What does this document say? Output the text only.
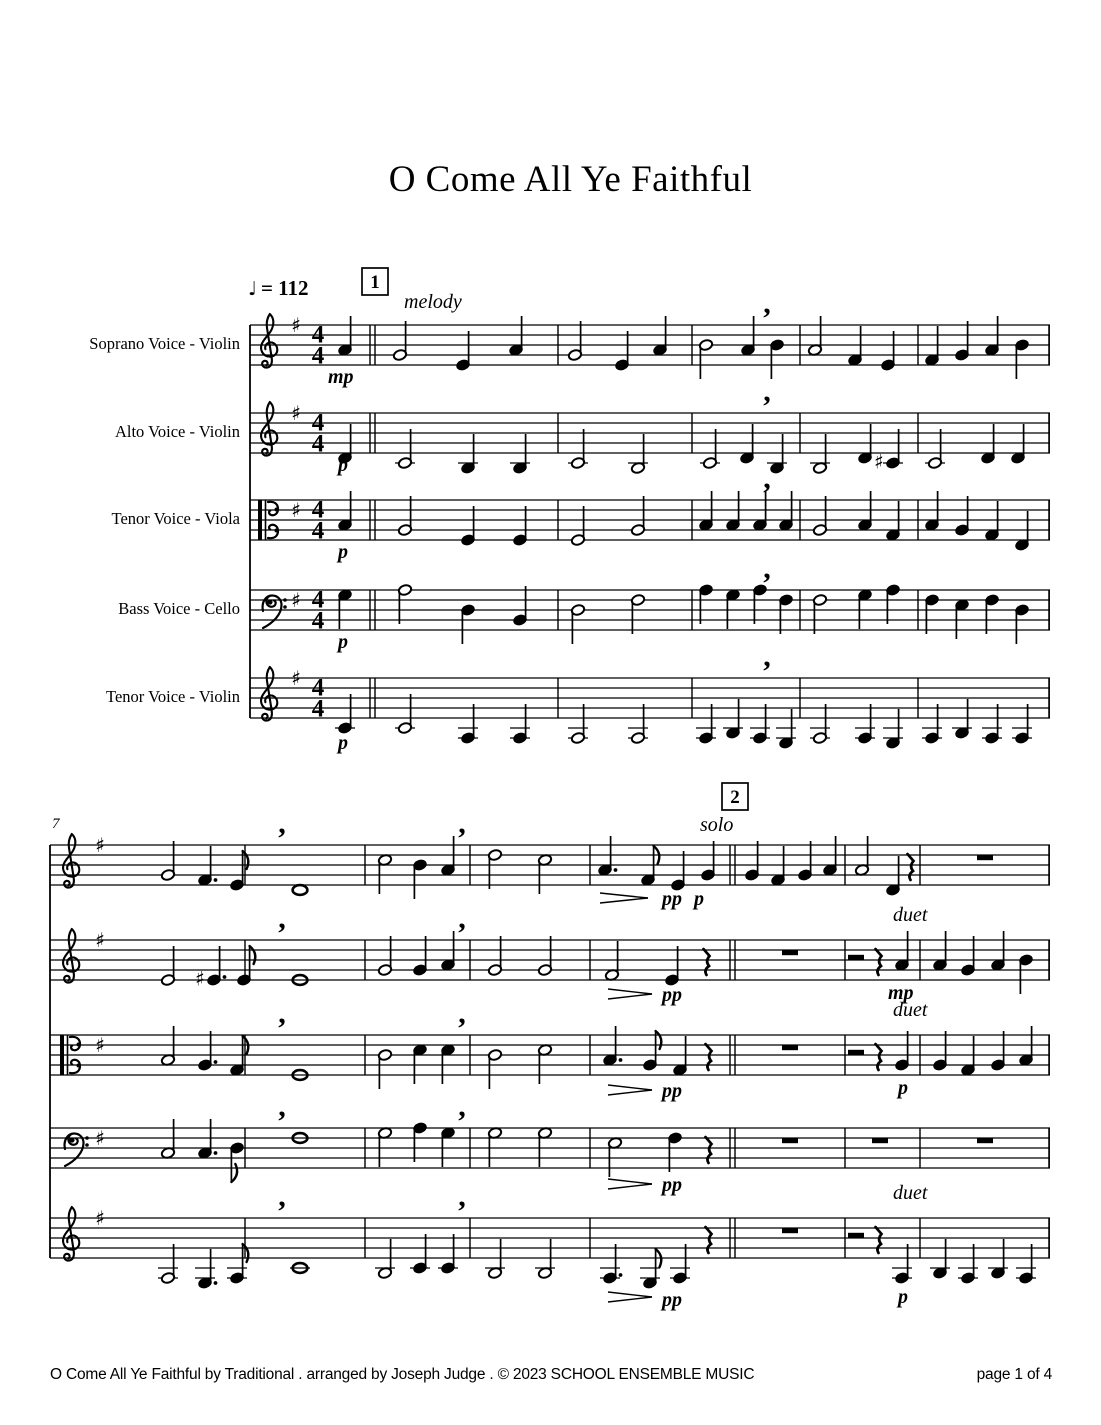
O Come All Ye Faithful
♩ = 112
Soprano Voice - Violin
Alto Voice - Violin
Tenor Voice - Viola
Bass Voice - Cello
Tenor Voice - Violin
♯ 4
4
,
mp
♯ 4
4
,
♯
p
♯ 4
4
,
p
♯ 4
4
,
p
♯ 4
4
,
p
melody
1
♯
,	,
pp p
♯
,	,
♯
pp	mp
♯
,	,
pp	p
♯
,	,
pp
♯
,	,
pp	p
7	solo
duet
duet
duet
2
O Come All Ye Faithful by Traditional . arranged by Joseph Judge . © 2023 SCHOOL ENSEMBLE MUSIC	page 1 of 4
